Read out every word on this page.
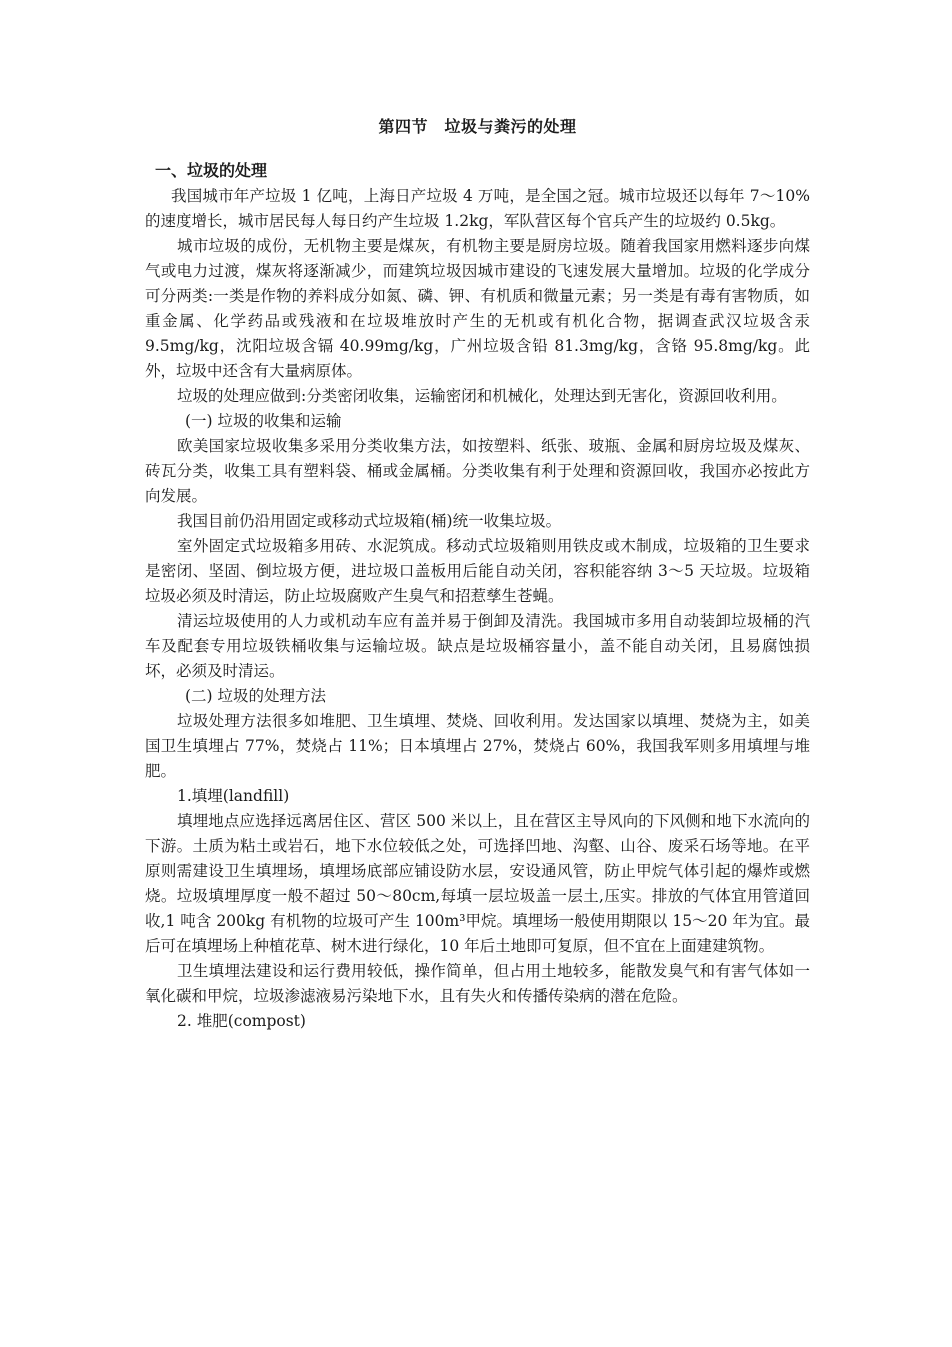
第四节　垃圾与粪污的处理
一、垃圾的处理

我国城市年产垃圾 1 亿吨，上海日产垃圾 4 万吨，是全国之冠。城市垃圾还以每年 7～10%的速度增长，城市居民每人每日约产生垃圾 1.2kg，军队营区每个官兵产生的垃圾约 0.5kg。

城市垃圾的成份，无机物主要是煤灰，有机物主要是厨房垃圾。随着我国家用燃料逐步向煤气或电力过渡，煤灰将逐渐减少，而建筑垃圾因城市建设的飞速发展大量增加。垃圾的化学成分可分两类:一类是作物的养料成分如氮、磷、钾、有机质和微量元素；另一类是有毒有害物质，如重金属、化学药品或残液和在垃圾堆放时产生的无机或有机化合物，据调查武汉垃圾含汞 9.5mg/kg，沈阳垃圾含镉 40.99mg/kg，广州垃圾含铅 81.3mg/kg，含铬 95.8mg/kg。此外，垃圾中还含有大量病原体。

垃圾的处理应做到:分类密闭收集，运输密闭和机械化，处理达到无害化，资源回收利用。

(一) 垃圾的收集和运输

欧美国家垃圾收集多采用分类收集方法，如按塑料、纸张、玻瓶、金属和厨房垃圾及煤灰、砖瓦分类，收集工具有塑料袋、桶或金属桶。分类收集有利于处理和资源回收，我国亦必按此方向发展。

我国目前仍沿用固定或移动式垃圾箱(桶)统一收集垃圾。

室外固定式垃圾箱多用砖、水泥筑成。移动式垃圾箱则用铁皮或木制成，垃圾箱的卫生要求是密闭、坚固、倒垃圾方便，进垃圾口盖板用后能自动关闭，容积能容纳 3～5 天垃圾。垃圾箱垃圾必须及时清运，防止垃圾腐败产生臭气和招惹孳生苍蝇。

清运垃圾使用的人力或机动车应有盖并易于倒卸及清洗。我国城市多用自动装卸垃圾桶的汽车及配套专用垃圾铁桶收集与运输垃圾。缺点是垃圾桶容量小，盖不能自动关闭，且易腐蚀损坏，必须及时清运。

(二) 垃圾的处理方法

垃圾处理方法很多如堆肥、卫生填埋、焚烧、回收利用。发达国家以填埋、焚烧为主，如美国卫生填埋占 77%，焚烧占 11%；日本填埋占 27%，焚烧占 60%，我国我军则多用填埋与堆肥。

1.填埋(landfill)

填埋地点应选择远离居住区、营区 500 米以上，且在营区主导风向的下风侧和地下水流向的下游。土质为粘土或岩石，地下水位较低之处，可选择凹地、沟壑、山谷、废采石场等地。在平原则需建设卫生填埋场，填埋场底部应铺设防水层，安设通风管，防止甲烷气体引起的爆炸或燃烧。垃圾填埋厚度一般不超过 50～80cm,每填一层垃圾盖一层土,压实。排放的气体宜用管道回收,1 吨含 200kg 有机物的垃圾可产生 100m³甲烷。填埋场一般使用期限以 15～20 年为宜。最后可在填埋场上种植花草、树木进行绿化，10 年后土地即可复原，但不宜在上面建建筑物。

卫生填埋法建设和运行费用较低，操作简单，但占用土地较多，能散发臭气和有害气体如一氧化碳和甲烷，垃圾渗滤液易污染地下水，且有失火和传播传染病的潜在危险。

2. 堆肥(compost)
